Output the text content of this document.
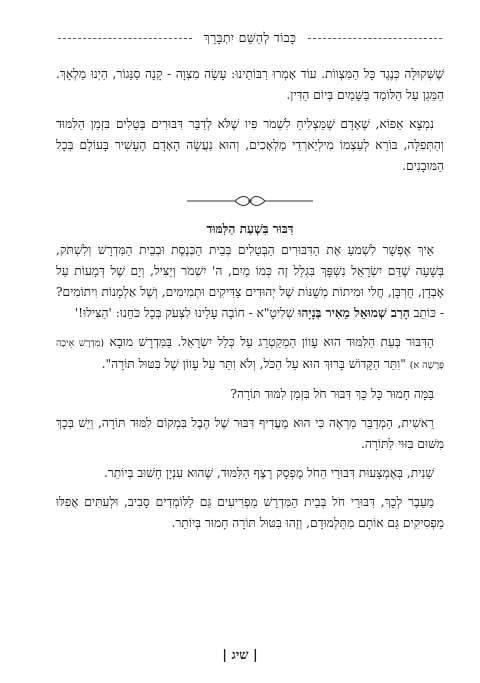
כָּבוֹד לְהַשֵּׁם יִתְבָּרֵךְ

שֶׁשְּׁקוּלָה כְּנֶגֶד כָּל הַמִּצְווֹת. עוֹד אָמְרוּ רַבּוֹתֵינוּ: עָשָׂה מִצְוָה - קָנָה סַנֵּגוֹר, הַיְנוּ מַלְאָךְ. הַמֵּגֵן עַל הַלּוֹמֵד בַּשָּׁמַיִם בְּיוֹם הַדִּין.

נִמְצָא אֵפוֹא, שֶׁאָדָם שֶׁמַּצְלִיחַ לִשְׁמֹר פִּיו שֶׁלֹּא לְדַבֵּר דִּבּוּרִים בְּטֵלִים בִּזְמַן הַלִּמּוּד וְהַתְּפִלָּה, בּוֹרֵא לְעַצְמוֹ מִילְיַארְדֵי מַלְאָכִים, וְהוּא נַעֲשָׂה הָאָדָם הֶעָשִׁיר בָּעוֹלָם בְּכָל הַמּוּבָנִים.

דִּבּוּר בִּשְׁעַת הַלִּמּוּד

אֵיךְ אֶפְשָׁר לִשְׁמֹעַ אֶת הַדִּבּוּרִים הַבְּטֵלִים בְּבֵית הַכְּנֶסֶת וּבְבֵית הַמִּדְרָשׁ וְלִשְׁתֹּק, בְּשָׁעָה שֶׁדַּם יִשְׂרָאֵל נִשְׁפָּךְ בִּגְלַל זֶה כְּמוֹ מַיִם, ה' יִשְׁמֹר וְיַצִּיל, וְיָם שֶׁל דְּמָעוֹת עַל אָבְדָן, חֻרְבָּן, חֳלִי וּמִיתוֹת מְשֻׁנּוֹת שֶׁל יְהוּדִים צַדִּיקִים וּתְמִימִים, וְשֶׁל אַלְמָנוֹת וִיתוֹמִים? - כּוֹתֵב הָרַב שְׁמוּאֵל מֵאִיר בְּנָיָהוּ שְׁלִיטָ"א - חוֹבָה עָלֵינוּ לִצְעֹק בְּכָל כֹּחֵנוּ: 'הַצִּילוּ!'

הַדִּבּוּר בְּעֵת הַלִּמּוּד הוּא עָווֹן הַמְקַטְרֵג עַל כְּלַל יִשְׂרָאֵל. בַּמִּדְרָשׁ מוּבָא (מִדְרָשׁ אֵיכָה פָּרָשָׁה א) "וִתֵּר הַקָּדוֹשׁ בָּרוּךְ הוּא עַל הַכֹּל, וְלֹא וִתֵּר עַל עָווֹן שֶׁל בִּטּוּל תּוֹרָה".

בַּמָּה חָמוּר כָּל כָּךְ דִּבּוּר חֹל בִּזְמַן לִמּוּד תּוֹרָה?

רֵאשִׁית, הַמְדַבֵּר מַרְאֶה כִּי הוּא מַעֲדִיף דִּבּוּר שֶׁל הֶבֶל בִּמְקוֹם לִמּוּד תּוֹרָה, וְיֵשׁ בְּכָךְ מִשּׁוּם בִּזּוּי לַתּוֹרָה.

שֵׁנִית, בְּאֶמְצָעוּת דִּבּוּרֵי הַחֹל מֻפְסָק רֶצֶף הַלִּמּוּד, שֶׁהוּא עִנְיָן חָשׁוּב בְּיוֹתֵר.

מֵעֵבֶר לְכָךְ, דִּבּוּרֵי חֹל בְּבֵית הַמִּדְרָשׁ מַפְרִיעִים גַּם לַלּוֹמְדִים סָבִיב, וּלְעִתִּים אֲפִלּוּ מַפְסִיקִים גַּם אוֹתָם מִתַּלְמוּדָם, וְזֶהוּ בִּטּוּל תּוֹרָה חָמוּר בְּיוֹתֵר.

| שיג |
